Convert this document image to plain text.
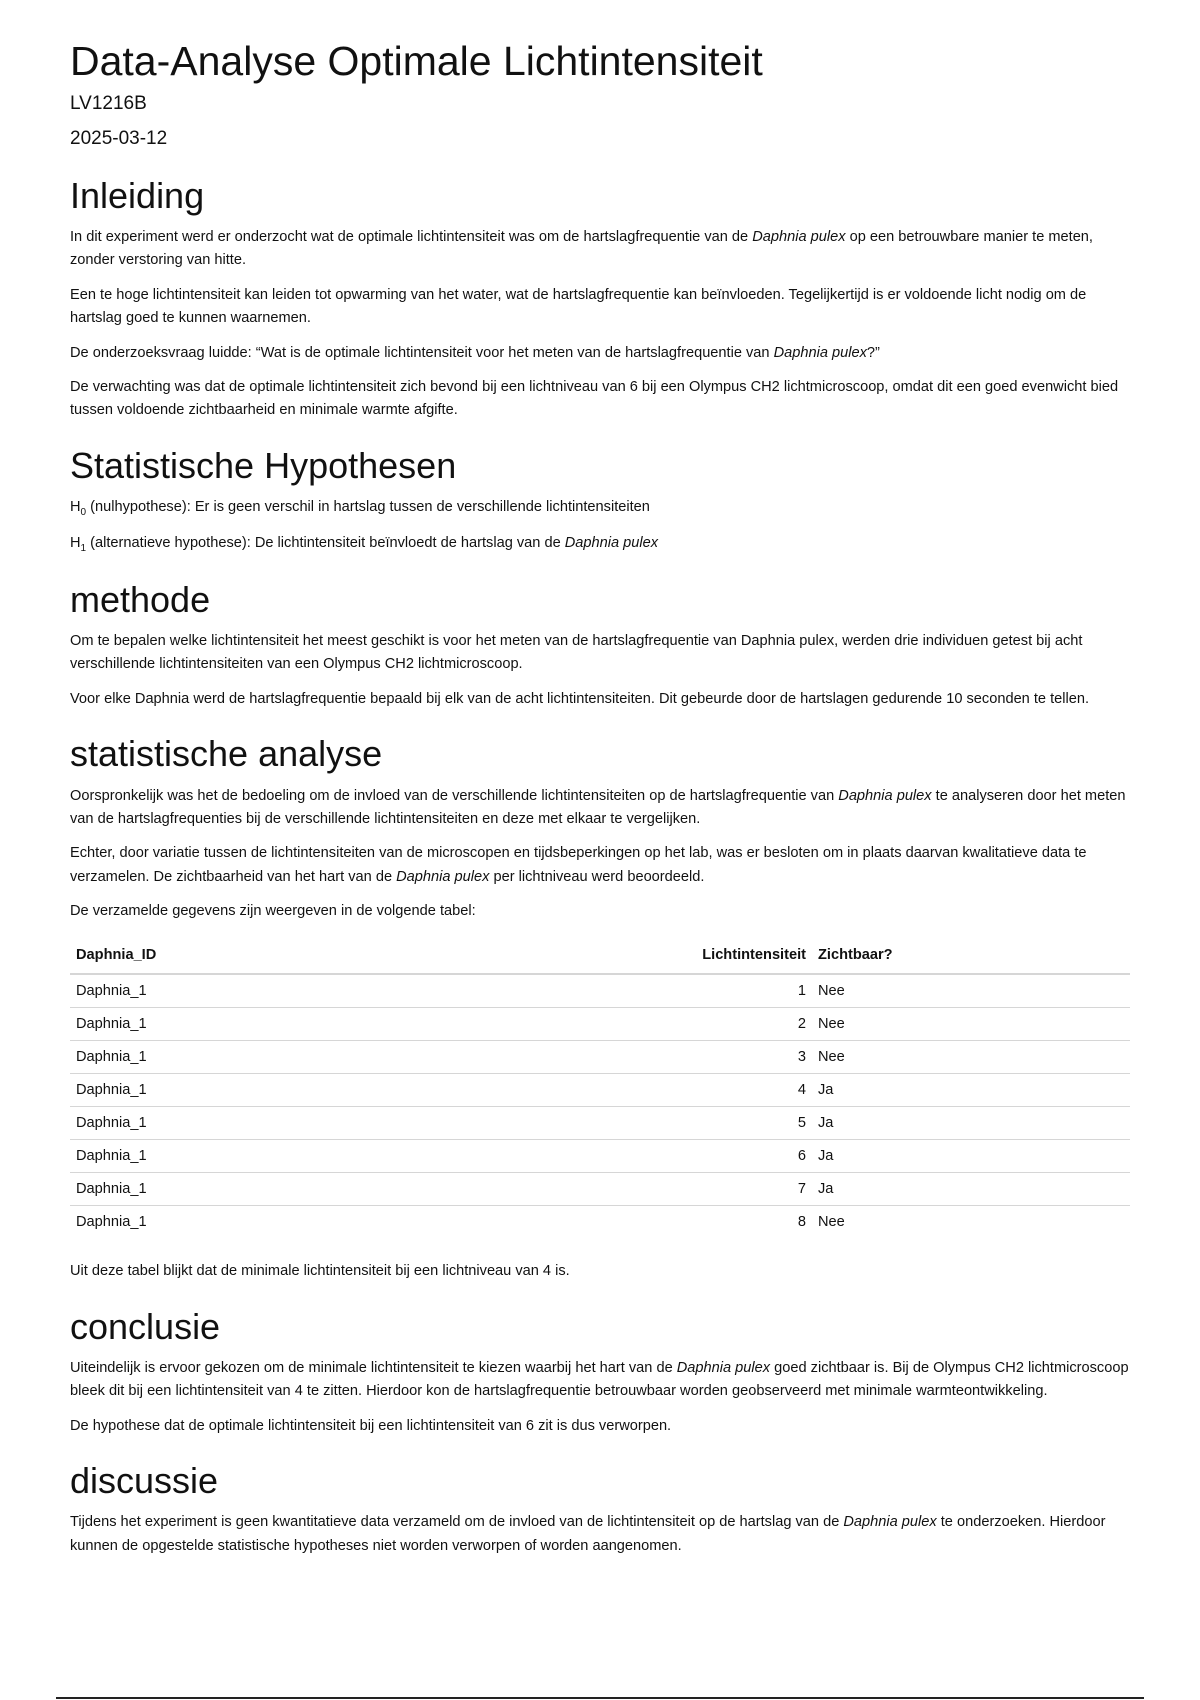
Data-Analyse Optimale Lichtintensiteit
LV1216B
2025-03-12
Inleiding

In dit experiment werd er onderzocht wat de optimale lichtintensiteit was om de hartslagfrequentie van de Daphnia pulex op een betrouwbare manier te meten, zonder verstoring van hitte.

Een te hoge lichtintensiteit kan leiden tot opwarming van het water, wat de hartslagfrequentie kan beïnvloeden. Tegelijkertijd is er voldoende licht nodig om de hartslag goed te kunnen waarnemen.

De onderzoeksvraag luidde: “Wat is de optimale lichtintensiteit voor het meten van de hartslagfrequentie van Daphnia pulex?”

De verwachting was dat de optimale lichtintensiteit zich bevond bij een lichtniveau van 6 bij een Olympus CH2 lichtmicroscoop, omdat dit een goed evenwicht bied tussen voldoende zichtbaarheid en minimale warmte afgifte.

Statistische Hypothesen

$H_0$ (nulhypothese): Er is geen verschil in hartslag tussen de verschillende lichtintensiteiten

$H_1$ (alternatieve hypothese): De lichtintensiteit beïnvloedt de hartslag van de Daphnia pulex

methode

Om te bepalen welke lichtintensiteit het meest geschikt is voor het meten van de hartslagfrequentie van Daphnia pulex, werden drie individuen getest bij acht verschillende lichtintensiteiten van een Olympus CH2 lichtmicroscoop.

Voor elke Daphnia werd de hartslagfrequentie bepaald bij elk van de acht lichtintensiteiten. Dit gebeurde door de hartslagen gedurende 10 seconden te tellen.

statistische analyse

Oorspronkelijk was het de bedoeling om de invloed van de verschillende lichtintensiteiten op de hartslagfrequentie van Daphnia pulex te analyseren door het meten van de hartslagfrequenties bij de verschillende lichtintensiteiten en deze met elkaar te vergelijken.

Echter, door variatie tussen de lichtintensiteiten van de microscopen en tijdsbeperkingen op het lab, was er besloten om in plaats daarvan kwalitatieve data te verzamelen. De zichtbaarheid van het hart van de Daphnia pulex per lichtniveau werd beoordeeld.

De verzamelde gegevens zijn weergeven in de volgende tabel:

Daphnia_ID	Lichtintensiteit	Zichtbaar?
Daphnia_1	1	Nee
Daphnia_1	2	Nee
Daphnia_1	3	Nee
Daphnia_1	4	Ja
Daphnia_1	5	Ja
Daphnia_1	6	Ja
Daphnia_1	7	Ja
Daphnia_1	8	Nee

Uit deze tabel blijkt dat de minimale lichtintensiteit bij een lichtniveau van 4 is.

conclusie

Uiteindelijk is ervoor gekozen om de minimale lichtintensiteit te kiezen waarbij het hart van de Daphnia pulex goed zichtbaar is. Bij de Olympus CH2 lichtmicroscoop bleek dit bij een lichtintensiteit van 4 te zitten. Hierdoor kon de hartslagfrequentie betrouwbaar worden geobserveerd met minimale warmteontwikkeling.

De hypothese dat de optimale lichtintensiteit bij een lichtintensiteit van 6 zit is dus verworpen.

discussie

Tijdens het experiment is geen kwantitatieve data verzameld om de invloed van de lichtintensiteit op de hartslag van de Daphnia pulex te onderzoeken. Hierdoor kunnen de opgestelde statistische hypotheses niet worden verworpen of worden aangenomen.
